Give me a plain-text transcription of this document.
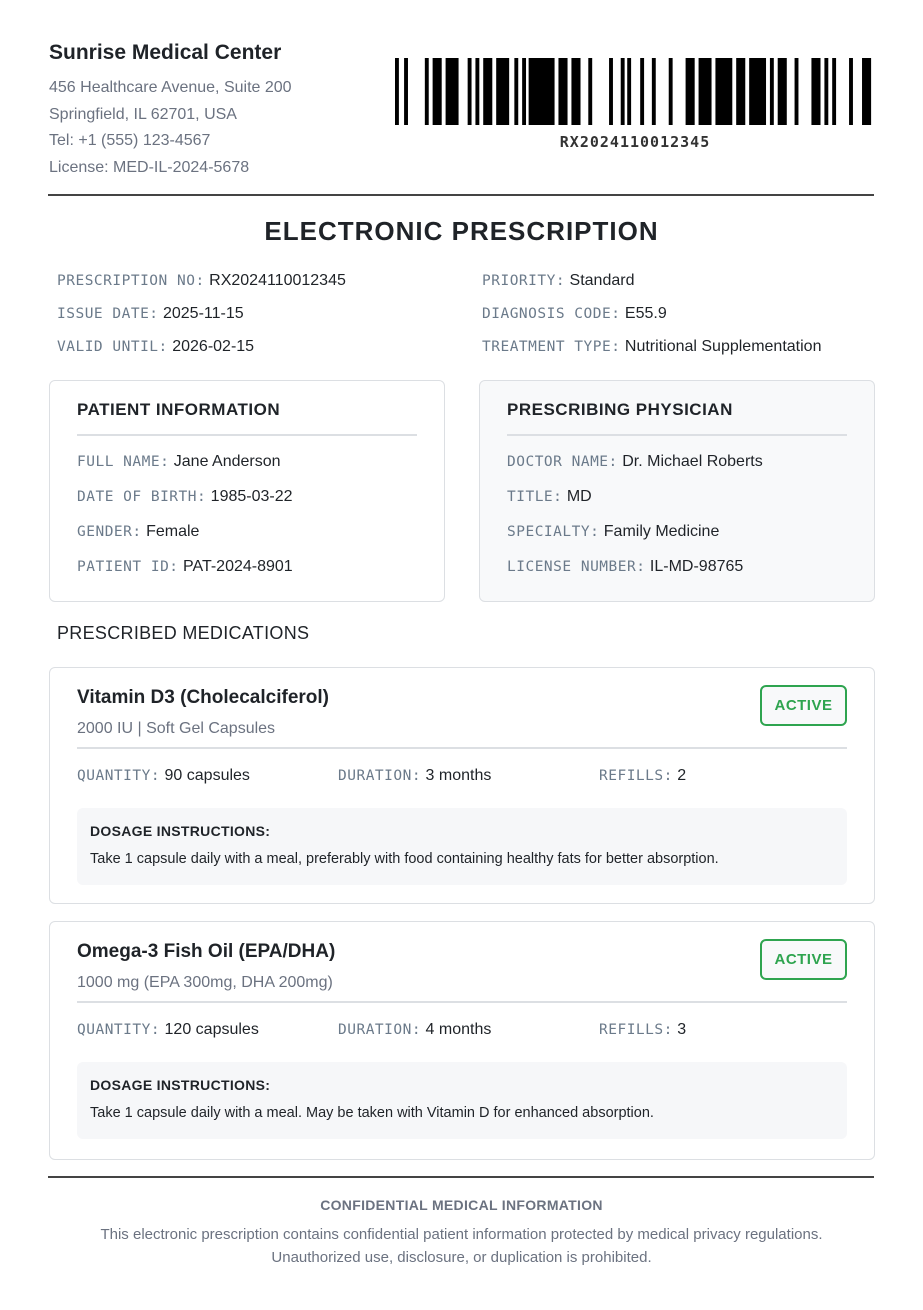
Sunrise Medical Center
456 Healthcare Avenue, Suite 200
Springfield, IL 62701, USA
Tel: +1 (555) 123-4567
License: MED-IL-2024-5678
RX2024110012345
ELECTRONIC PRESCRIPTION
PRESCRIPTION NO: RX2024110012345
ISSUE DATE: 2025-11-15
VALID UNTIL: 2026-02-15
PRIORITY: Standard
DIAGNOSIS CODE: E55.9
TREATMENT TYPE: Nutritional Supplementation
PATIENT INFORMATION
FULL NAME: Jane Anderson
DATE OF BIRTH: 1985-03-22
GENDER: Female
PATIENT ID: PAT-2024-8901
PRESCRIBING PHYSICIAN
DOCTOR NAME: Dr. Michael Roberts
TITLE: MD
SPECIALTY: Family Medicine
LICENSE NUMBER: IL-MD-98765
PRESCRIBED MEDICATIONS
ACTIVE
Vitamin D3 (Cholecalciferol)
2000 IU | Soft Gel Capsules
QUANTITY: 90 capsules	DURATION: 3 months	REFILLS: 2
DOSAGE INSTRUCTIONS:
Take 1 capsule daily with a meal, preferably with food containing healthy fats for better absorption.
ACTIVE
Omega-3 Fish Oil (EPA/DHA)
1000 mg (EPA 300mg, DHA 200mg)
QUANTITY: 120 capsules	DURATION: 4 months	REFILLS: 3
DOSAGE INSTRUCTIONS:
Take 1 capsule daily with a meal. May be taken with Vitamin D for enhanced absorption.
CONFIDENTIAL MEDICAL INFORMATION
This electronic prescription contains confidential patient information protected by medical privacy regulations.
Unauthorized use, disclosure, or duplication is prohibited.
